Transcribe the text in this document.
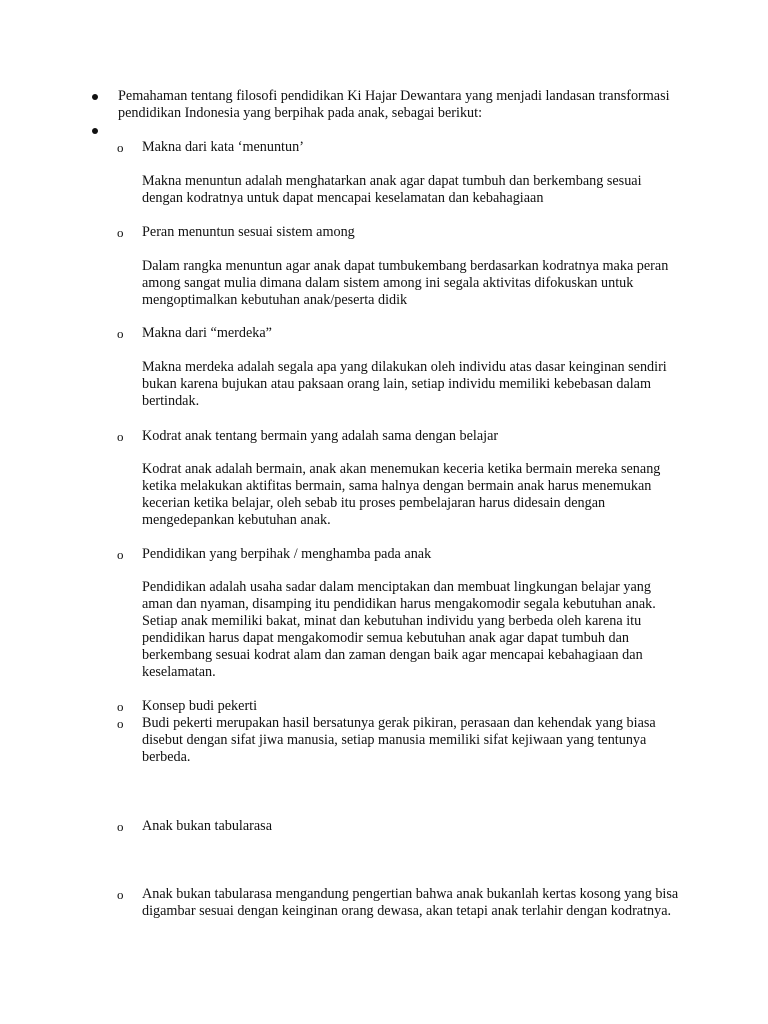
Pemahaman tentang filosofi pendidikan Ki Hajar Dewantara yang menjadi landasan transformasi pendidikan Indonesia yang berpihak pada anak, sebagai berikut:
o Makna dari kata ‘menuntun’
Makna menuntun adalah menghatarkan anak agar dapat tumbuh dan berkembang sesuai dengan kodratnya untuk dapat mencapai keselamatan dan kebahagiaan
o Peran menuntun sesuai sistem among
Dalam rangka menuntun agar anak dapat tumbukembang berdasarkan kodratnya maka peran among sangat mulia dimana dalam sistem among ini segala aktivitas difokuskan untuk mengoptimalkan kebutuhan anak/peserta didik
o Makna dari “merdeka”
Makna merdeka adalah segala apa yang dilakukan oleh individu atas dasar keinginan sendiri bukan karena bujukan atau paksaan orang lain, setiap individu memiliki kebebasan dalam bertindak.
o Kodrat anak tentang bermain yang adalah sama dengan belajar
Kodrat anak adalah bermain, anak akan menemukan keceria ketika bermain mereka senang ketika melakukan aktifitas bermain, sama halnya dengan bermain anak harus menemukan kecerian ketika belajar, oleh sebab itu proses pembelajaran harus didesain dengan mengedepankan kebutuhan anak.
o Pendidikan yang berpihak / menghamba pada anak
Pendidikan adalah usaha sadar dalam menciptakan dan membuat lingkungan belajar yang aman dan nyaman, disamping itu pendidikan harus mengakomodir segala kebutuhan anak. Setiap anak memiliki bakat, minat dan kebutuhan individu yang berbeda oleh karena itu pendidikan harus dapat mengakomodir semua kebutuhan anak agar dapat tumbuh dan berkembang sesuai kodrat alam dan zaman dengan baik agar mencapai kebahagiaan dan keselamatan.
o Konsep budi pekerti
o Budi pekerti merupakan hasil bersatunya gerak pikiran, perasaan dan kehendak yang biasa disebut dengan sifat jiwa manusia, setiap manusia memiliki sifat kejiwaan yang tentunya berbeda.
o Anak bukan tabularasa
o Anak bukan tabularasa mengandung pengertian bahwa anak bukanlah kertas kosong yang bisa digambar sesuai dengan keinginan orang dewasa, akan tetapi anak terlahir dengan kodratnya.
